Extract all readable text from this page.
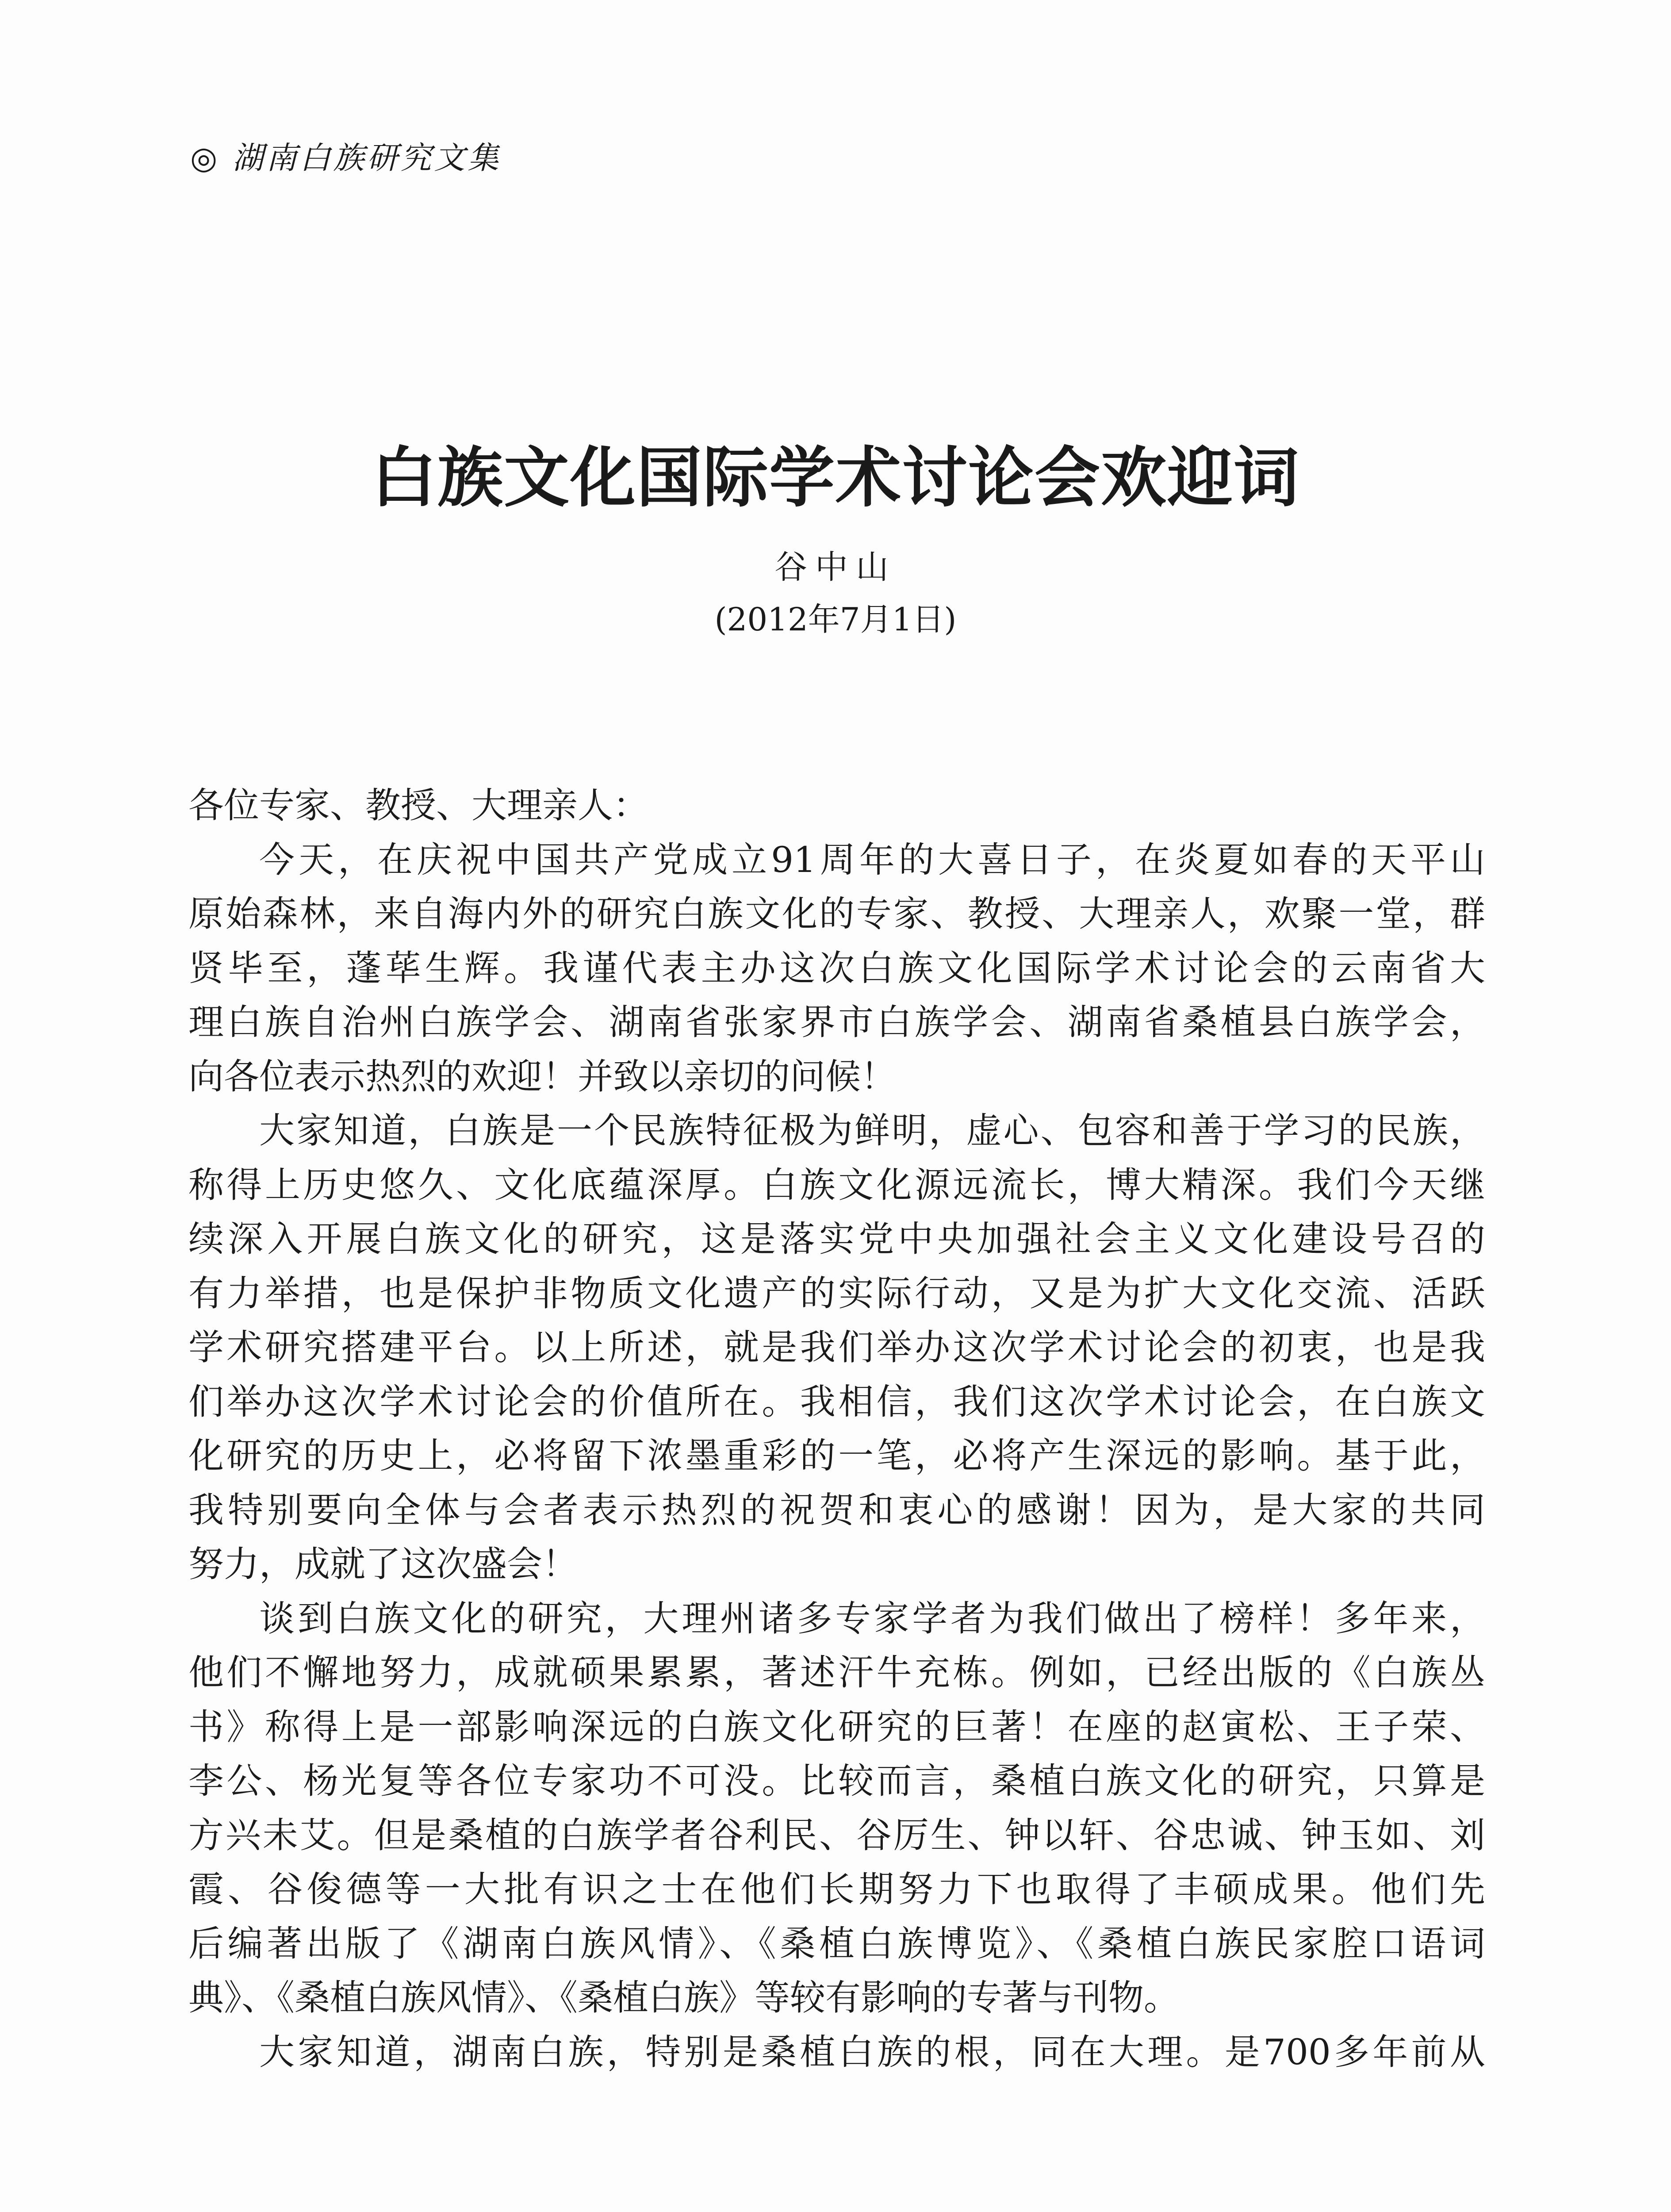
◎ 湖南白族研究文集
白族文化国际学术讨论会欢迎词
谷中山
(2012年7月1日)

各位专家、教授、大理亲人：

今天，在庆祝中国共产党成立91周年的大喜日子，在炎夏如春的天平山
原始森林，来自海内外的研究白族文化的专家、教授、大理亲人，欢聚一堂，群
贤毕至，蓬荜生辉。我谨代表主办这次白族文化国际学术讨论会的云南省大
理白族自治州白族学会、湖南省张家界市白族学会、湖南省桑植县白族学会，
向各位表示热烈的欢迎！并致以亲切的问候！

大家知道，白族是一个民族特征极为鲜明，虚心、包容和善于学习的民族，
称得上历史悠久、文化底蕴深厚。白族文化源远流长，博大精深。我们今天继
续深入开展白族文化的研究，这是落实党中央加强社会主义文化建设号召的
有力举措，也是保护非物质文化遗产的实际行动，又是为扩大文化交流、活跃
学术研究搭建平台。以上所述，就是我们举办这次学术讨论会的初衷，也是我
们举办这次学术讨论会的价值所在。我相信，我们这次学术讨论会，在白族文
化研究的历史上，必将留下浓墨重彩的一笔，必将产生深远的影响。基于此，
我特别要向全体与会者表示热烈的祝贺和衷心的感谢！因为，是大家的共同
努力，成就了这次盛会！

谈到白族文化的研究，大理州诸多专家学者为我们做出了榜样！多年来，
他们不懈地努力，成就硕果累累，著述汗牛充栋。例如，已经出版的《白族丛
书》称得上是一部影响深远的白族文化研究的巨著！在座的赵寅松、王子荣、
李公、杨光复等各位专家功不可没。比较而言，桑植白族文化的研究，只算是
方兴未艾。但是桑植的白族学者谷利民、谷厉生、钟以轩、谷忠诚、钟玉如、刘
霞、谷俊德等一大批有识之士在他们长期努力下也取得了丰硕成果。他们先
后编著出版了《湖南白族风情》、《桑植白族博览》、《桑植白族民家腔口语词
典》、《桑植白族风情》、《桑植白族》等较有影响的专著与刊物。

大家知道，湖南白族，特别是桑植白族的根，同在大理。是700多年前从
